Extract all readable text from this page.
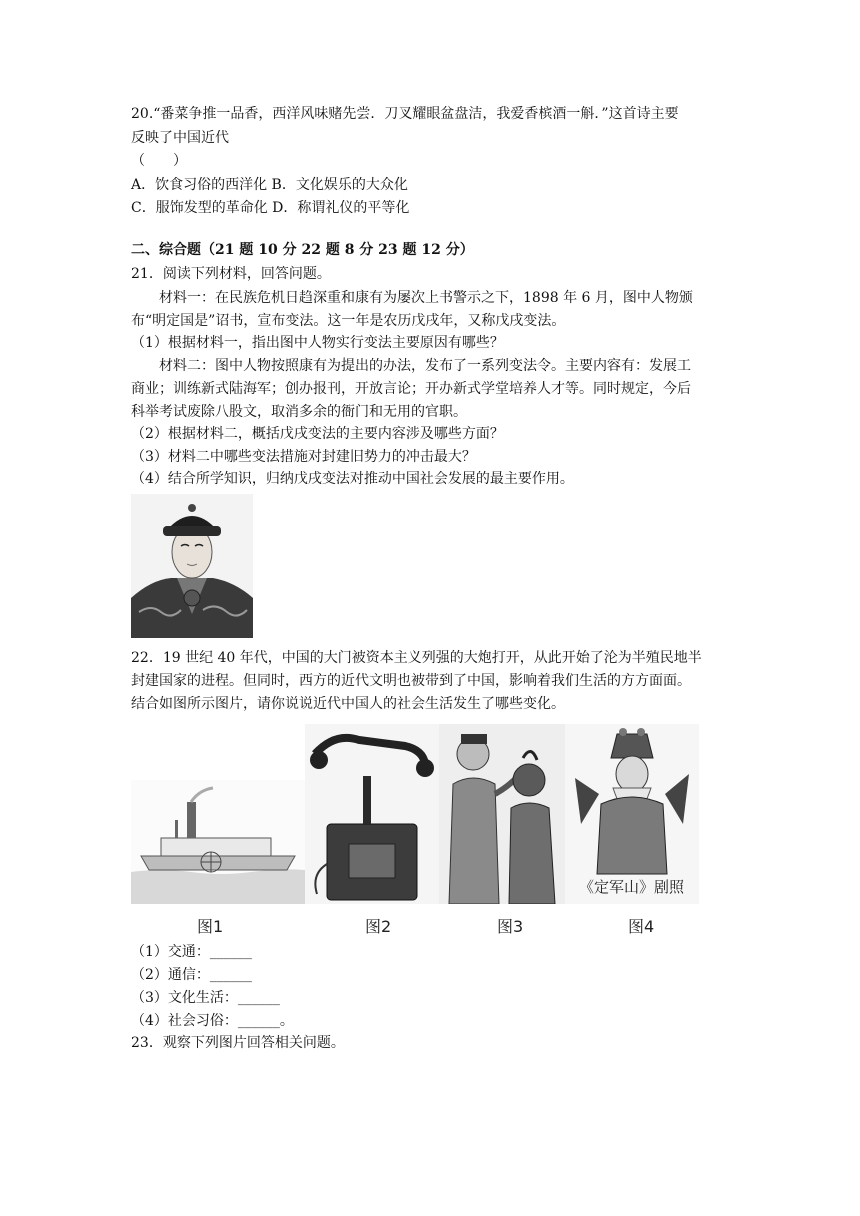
20.“番菜争推一品香，西洋风味赌先尝．刀叉耀眼盆盘洁，我爱香槟酒一斛．”这首诗主要
反映了中国近代
（　　）
A．饮食习俗的西洋化 B．文化娱乐的大众化
C．服饰发型的革命化 D．称谓礼仪的平等化
二、综合题（21 题 10 分 22 题 8 分 23 题 12 分）
21．阅读下列材料，回答问题。
材料一：在民族危机日趋深重和康有为屡次上书警示之下，1898 年 6 月，图中人物颁
布“明定国是”诏书，宣布变法。这一年是农历戊戌年，又称戊戌变法。
（1）根据材料一，指出图中人物实行变法主要原因有哪些？
材料二：图中人物按照康有为提出的办法，发布了一系列变法令。主要内容有：发展工
商业；训练新式陆海军；创办报刊，开放言论；开办新式学堂培养人才等。同时规定，今后
科举考试废除八股文，取消多余的衙门和无用的官职。
（2）根据材料二，概括戊戌变法的主要内容涉及哪些方面？
（3）材料二中哪些变法措施对封建旧势力的冲击最大？
（4）结合所学知识，归纳戊戌变法对推动中国社会发展的最主要作用。
22．19 世纪 40 年代，中国的大门被资本主义列强的大炮打开，从此开始了沦为半殖民地半
封建国家的进程。但同时，西方的近代文明也被带到了中国，影响着我们生活的方方面面。
结合如图所示图片，请你说说近代中国人的社会生活发生了哪些变化。
《定军山》剧照
图1	图2	图3	图4
（1）交通：______
（2）通信：______
（3）文化生活：______
（4）社会习俗：______。
23．观察下列图片回答相关问题。
